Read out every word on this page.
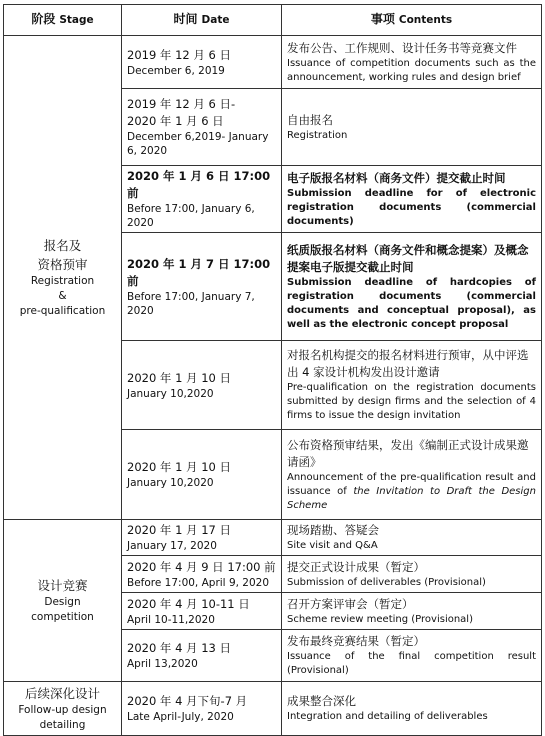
阶段 Stage	时间 Date	事项 Contents

报名及
资格预审
Registration
&
pre-qualification	2019 年 12 月 6 日
December 6, 2019	发布公告、工作规则、设计任务书等竞赛文件
Issuance of competition documents such as the announcement, working rules and design brief

	2019 年 12 月 6 日-
2020 年 1 月 6 日
December 6,2019- January 6, 2020	自由报名
Registration

	2020 年 1 月 6 日 17:00 前
Before 17:00, January 6, 2020	电子版报名材料（商务文件）提交截止时间
Submission deadline for of electronic registration documents (commercial documents)

	2020 年 1 月 7 日 17:00 前
Before 17:00, January 7, 2020	纸质版报名材料（商务文件和概念提案）及概念提案电子版提交截止时间
Submission deadline of hardcopies of registration documents (commercial documents and conceptual proposal), as well as the electronic concept proposal

	2020 年 1 月 10 日
January 10,2020	对报名机构提交的报名材料进行预审，从中评选出 4 家设计机构发出设计邀请
Pre-qualification on the registration documents submitted by design firms and the selection of 4 firms to issue the design invitation

	2020 年 1 月 10 日
January 10,2020	公布资格预审结果，发出《编制正式设计成果邀请函》
Announcement of the pre-qualification result and issuance of the Invitation to Draft the Design Scheme

设计竞赛
Design
competition	2020 年 1 月 17 日
January 17, 2020	现场踏勘、答疑会
Site visit and Q&A

	2020 年 4 月 9 日 17:00 前
Before 17:00, April 9, 2020	提交正式设计成果（暂定）
Submission of deliverables (Provisional)

	2020 年 4 月 10-11 日
April 10-11,2020	召开方案评审会（暂定）
Scheme review meeting (Provisional)

	2020 年 4 月 13 日
April 13,2020	发布最终竞赛结果（暂定）
Issuance of the final competition result (Provisional)

后续深化设计
Follow-up design
detailing	2020 年 4 月下旬-7 月
Late April-July, 2020	成果整合深化
Integration and detailing of deliverables
